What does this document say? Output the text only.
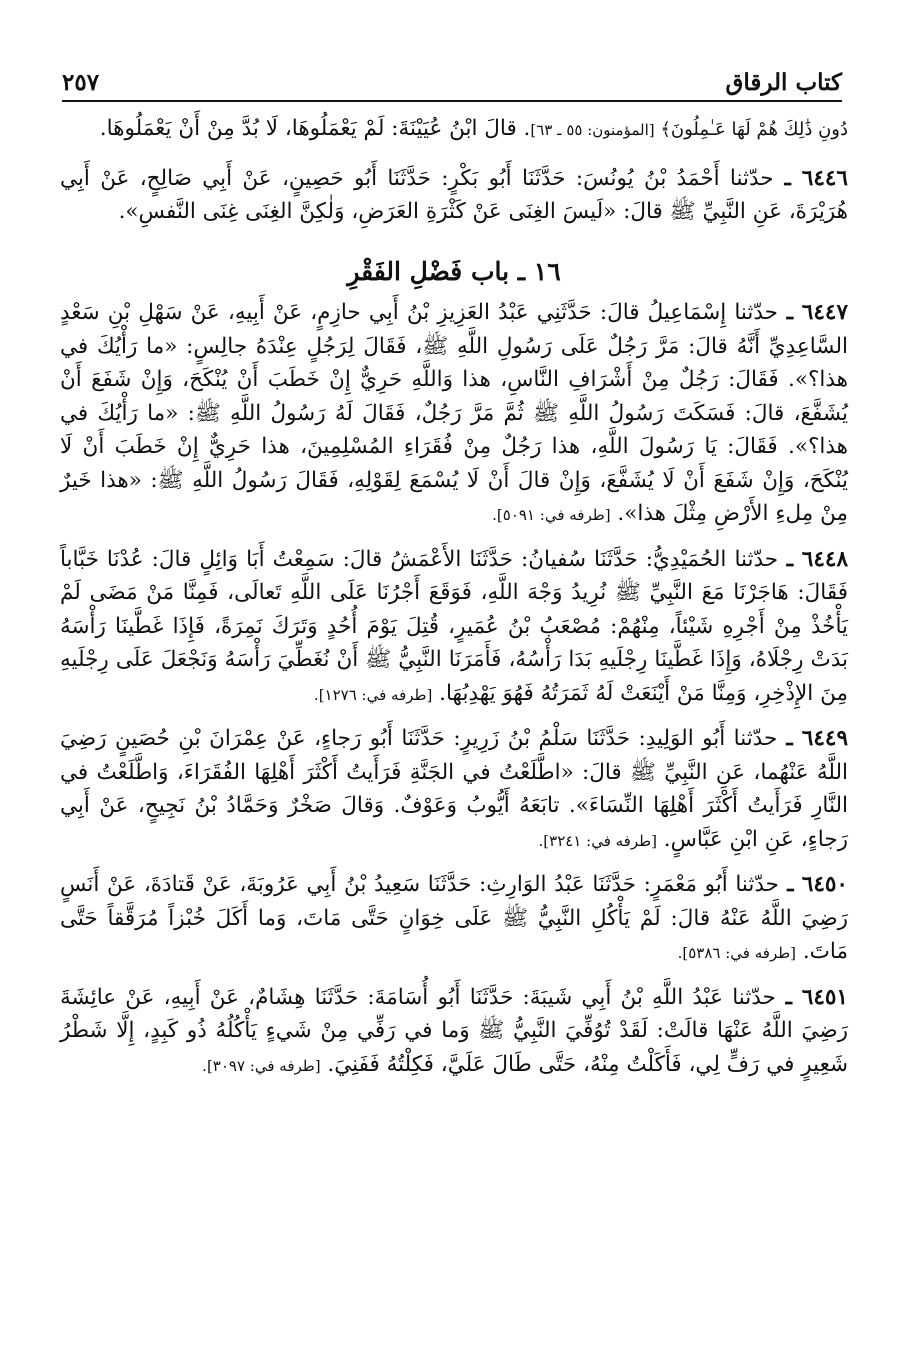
٢٥٧	كتاب الرقاق

دُونِ ذَٰلِكَ هُمْ لَهَا عَـٰمِلُونَ﴾ [المؤمنون: ٥٥ ـ ٦٣]. قالَ ابْنُ عُيَيْنَةَ: لَمْ يَعْمَلُوهَا، لَا بُدَّ مِنْ أَنْ يَعْمَلُوهَا.

٦٤٤٦ ـ حدّثنا أَحْمَدُ بْنُ يُونُسَ: حَدَّثَنَا أَبُو بَكْرٍ: حَدَّثَنَا أَبُو حَصِينٍ، عَنْ أَبِي صَالِحٍ، عَنْ أَبِي هُرَيْرَةَ، عَنِ النَّبِيِّ ﷺ قالَ: «لَيسَ الغِنَى عَنْ كَثْرَةِ العَرَضِ، وَلٰكِنَّ الغِنَى غِنَى النَّفسِ».

١٦ ـ باب فَضْلِ الفَقْرِ

٦٤٤٧ ـ حدّثنا إِسْمَاعِيلُ قالَ: حَدَّثَنِي عَبْدُ العَزِيزِ بْنُ أَبِي حازِمٍ، عَنْ أَبِيهِ، عَنْ سَهْلِ بْنِ سَعْدٍ السَّاعِدِيِّ أَنَّهُ قالَ: مَرَّ رَجُلٌ عَلَى رَسُولِ اللَّهِ ﷺ، فَقَالَ لِرَجُلٍ عِنْدَهُ جالِسٍ: «ما رَأْيُكَ في هذا؟». فَقَالَ: رَجُلٌ مِنْ أَشْرَافِ النَّاسِ، هذا وَاللَّهِ حَرِيٌّ إِنْ خَطَبَ أَنْ يُنْكَحَ، وَإِنْ شَفَعَ أَنْ يُشَفَّعَ، قالَ: فَسَكَتَ رَسُولُ اللَّهِ ﷺ ثُمَّ مَرَّ رَجُلٌ، فَقَالَ لَهُ رَسُولُ اللَّهِ ﷺ: «ما رَأْيُكَ في هذا؟». فَقَالَ: يَا رَسُولَ اللَّهِ، هذا رَجُلٌ مِنْ فُقَرَاءِ المُسْلِمِينَ، هذا حَرِيٌّ إِنْ خَطَبَ أَنْ لَا يُنْكَحَ، وَإِنْ شَفَعَ أَنْ لَا يُشَفَّعَ، وَإِنْ قالَ أَنْ لَا يُسْمَعَ لِقَوْلِهِ، فَقَالَ رَسُولُ اللَّهِ ﷺ: «هذا خَيرٌ مِنْ مِلءِ الأَرْضِ مِثْلَ هذا». [طرفه في: ٥٠٩١].

٦٤٤٨ ـ حدّثنا الحُمَيْدِيُّ: حَدَّثَنَا سُفيانُ: حَدَّثَنَا الأَعْمَشُ قالَ: سَمِعْتُ أَبَا وَائِلٍ قالَ: عُدْنَا خَبَّاباً فَقَالَ: هَاجَرْنَا مَعَ النَّبِيِّ ﷺ نُرِيدُ وَجْهَ اللَّهِ، فَوَقَعَ أَجْرُنَا عَلَى اللَّهِ تَعالَى، فَمِنَّا مَنْ مَضَى لَمْ يَأْخُذْ مِنْ أَجْرِهِ شَيْئاً، مِنْهُمْ: مُصْعَبُ بْنُ عُمَيرٍ، قُتِلَ يَوْمَ أُحُدٍ وَتَرَكَ نَمِرَةً، فَإِذَا غَطَّينَا رَأْسَهُ بَدَتْ رِجْلَاهُ، وَإِذَا غَطَّينَا رِجْلَيهِ بَدَا رَأْسُهُ، فَأَمَرَنَا النَّبِيُّ ﷺ أَنْ نُغَطِّيَ رَأْسَهُ وَنَجْعَلَ عَلَى رِجْلَيهِ مِنَ الإِذْخِرِ، وَمِنَّا مَنْ أَيْنَعَتْ لَهُ ثَمَرَتُهُ فَهُوَ يَهْدِبُهَا. [طرفه في: ١٢٧٦].

٦٤٤٩ ـ حدّثنا أَبُو الوَلِيدِ: حَدَّثَنَا سَلْمُ بْنُ زَرِيرٍ: حَدَّثَنَا أَبُو رَجاءٍ، عَنْ عِمْرَانَ بْنِ حُصَينٍ رَضِيَ اللَّهُ عَنْهُما، عَنِ النَّبِيِّ ﷺ قالَ: «اطَّلَعْتُ في الجَنَّةِ فَرَأَيتُ أَكْثَرَ أَهْلِهَا الفُقَرَاءَ، وَاطَّلَعْتُ في النَّارِ فَرَأَيتُ أَكْثَرَ أَهْلِهَا النِّسَاءَ». تابَعَهُ أَيُّوبُ وَعَوْفٌ. وَقالَ صَخْرٌ وَحَمَّادُ بْنُ نَجِيحٍ، عَنْ أَبِي رَجاءٍ، عَنِ ابْنِ عَبَّاسٍ. [طرفه في: ٣٢٤١].

٦٤٥٠ ـ حدّثنا أَبُو مَعْمَرٍ: حَدَّثَنَا عَبْدُ الوَارِثِ: حَدَّثَنَا سَعِيدُ بْنُ أَبِي عَرُوبَةَ، عَنْ قَتادَةَ، عَنْ أَنَسٍ رَضِيَ اللَّهُ عَنْهُ قالَ: لَمْ يَأْكُلِ النَّبِيُّ ﷺ عَلَى خِوَانٍ حَتَّى مَاتَ، وَما أَكَلَ خُبْزاً مُرَقَّقاً حَتَّى مَاتَ. [طرفه في: ٥٣٨٦].

٦٤٥١ ـ حدّثنا عَبْدُ اللَّهِ بْنُ أَبِي شَيبَةَ: حَدَّثَنَا أَبُو أُسَامَةَ: حَدَّثَنَا هِشَامٌ، عَنْ أَبِيهِ، عَنْ عائِشَةَ رَضِيَ اللَّهُ عَنْهَا قالَتْ: لَقَدْ تُوُفِّيَ النَّبِيُّ ﷺ وَما في رَفِّي مِنْ شَيءٍ يَأْكُلُهُ ذُو كَبِدٍ، إِلَّا شَطْرُ شَعِيرٍ في رَفٍّ لِي، فَأَكَلْتُ مِنْهُ، حَتَّى طَالَ عَلَيَّ، فَكِلْتُهُ فَفَنِيَ. [طرفه في: ٣٠٩٧].
